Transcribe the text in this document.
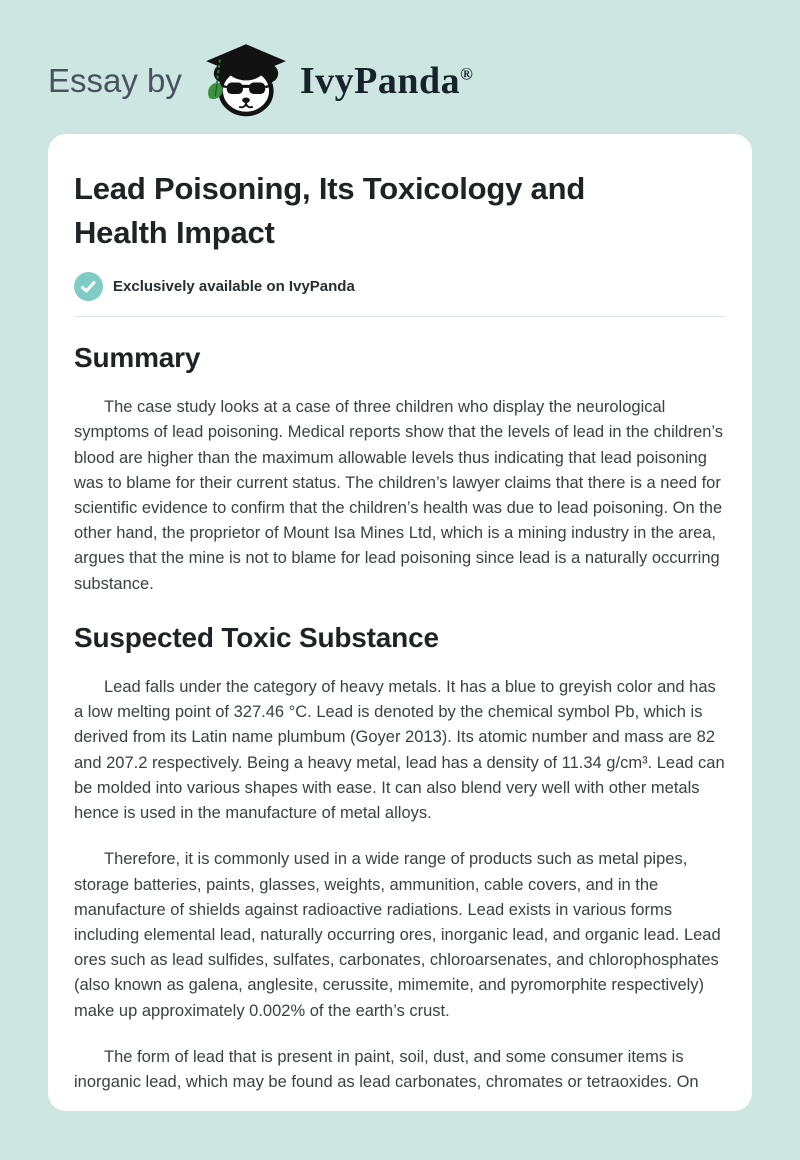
Essay by	IvyPanda®
Lead Poisoning, Its Toxicology and Health Impact
Exclusively available on IvyPanda
Summary

The case study looks at a case of three children who display the neurological symptoms of lead poisoning. Medical reports show that the levels of lead in the children’s blood are higher than the maximum allowable levels thus indicating that lead poisoning was to blame for their current status. The children’s lawyer claims that there is a need for scientific evidence to confirm that the children’s health was due to lead poisoning. On the other hand, the proprietor of Mount Isa Mines Ltd, which is a mining industry in the area, argues that the mine is not to blame for lead poisoning since lead is a naturally occurring substance.

Suspected Toxic Substance

Lead falls under the category of heavy metals. It has a blue to greyish color and has a low melting point of 327.46 °C. Lead is denoted by the chemical symbol Pb, which is derived from its Latin name plumbum (Goyer 2013). Its atomic number and mass are 82 and 207.2 respectively. Being a heavy metal, lead has a density of 11.34 g/cm³. Lead can be molded into various shapes with ease. It can also blend very well with other metals hence is used in the manufacture of metal alloys.

Therefore, it is commonly used in a wide range of products such as metal pipes, storage batteries, paints, glasses, weights, ammunition, cable covers, and in the manufacture of shields against radioactive radiations. Lead exists in various forms including elemental lead, naturally occurring ores, inorganic lead, and organic lead. Lead ores such as lead sulfides, sulfates, carbonates, chloroarsenates, and chlorophosphates (also known as galena, anglesite, cerussite, mimemite, and pyromorphite respectively) make up approximately 0.002% of the earth’s crust.

The form of lead that is present in paint, soil, dust, and some consumer items is inorganic lead, which may be found as lead carbonates, chromates or tetraoxides. On
